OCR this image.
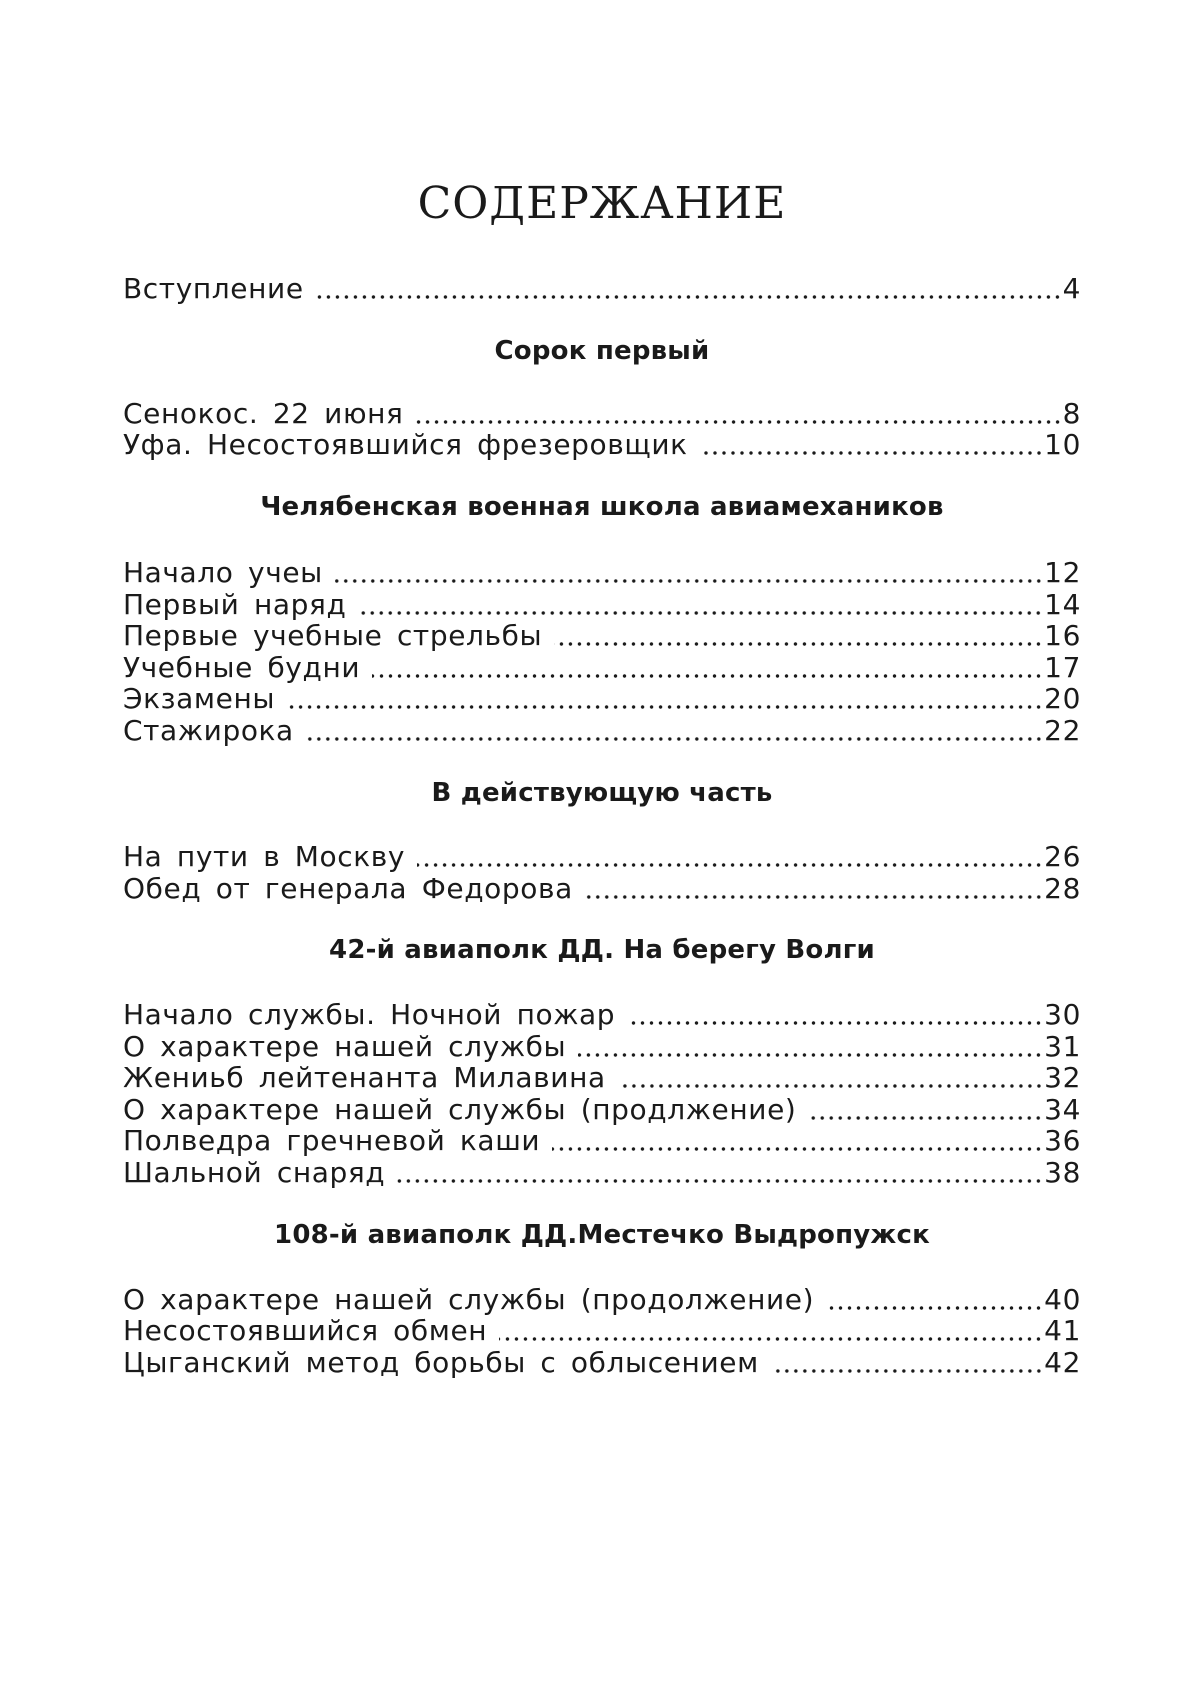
СОДЕРЖАНИЕ
Вступление	4
Сорок первый
Сенокос. 22 июня	8
Уфа. Несостоявшийся фрезеровщик	10
Челябенская военная школа авиамехаников
Начало учеы	12
Первый наряд	14
Первые учебные стрельбы	16
Учебные будни	17
Экзамены	20
Стажирока	22
В действующую часть
На пути в Москву	26
Обед от генерала Федорова	28
42-й авиаполк ДД. На берегу Волги
Начало службы. Ночной пожар	30
О характере нашей службы	31
Жениьб лейтенанта Милавина	32
О характере нашей службы (продлжение)	34
Полведра гречневой каши	36
Шальной снаряд	38
108-й авиаполк ДД.Местечко Выдропужск
О характере нашей службы (продолжение)	40
Несостоявшийся обмен	41
Цыганский метод борьбы с облысением	42
